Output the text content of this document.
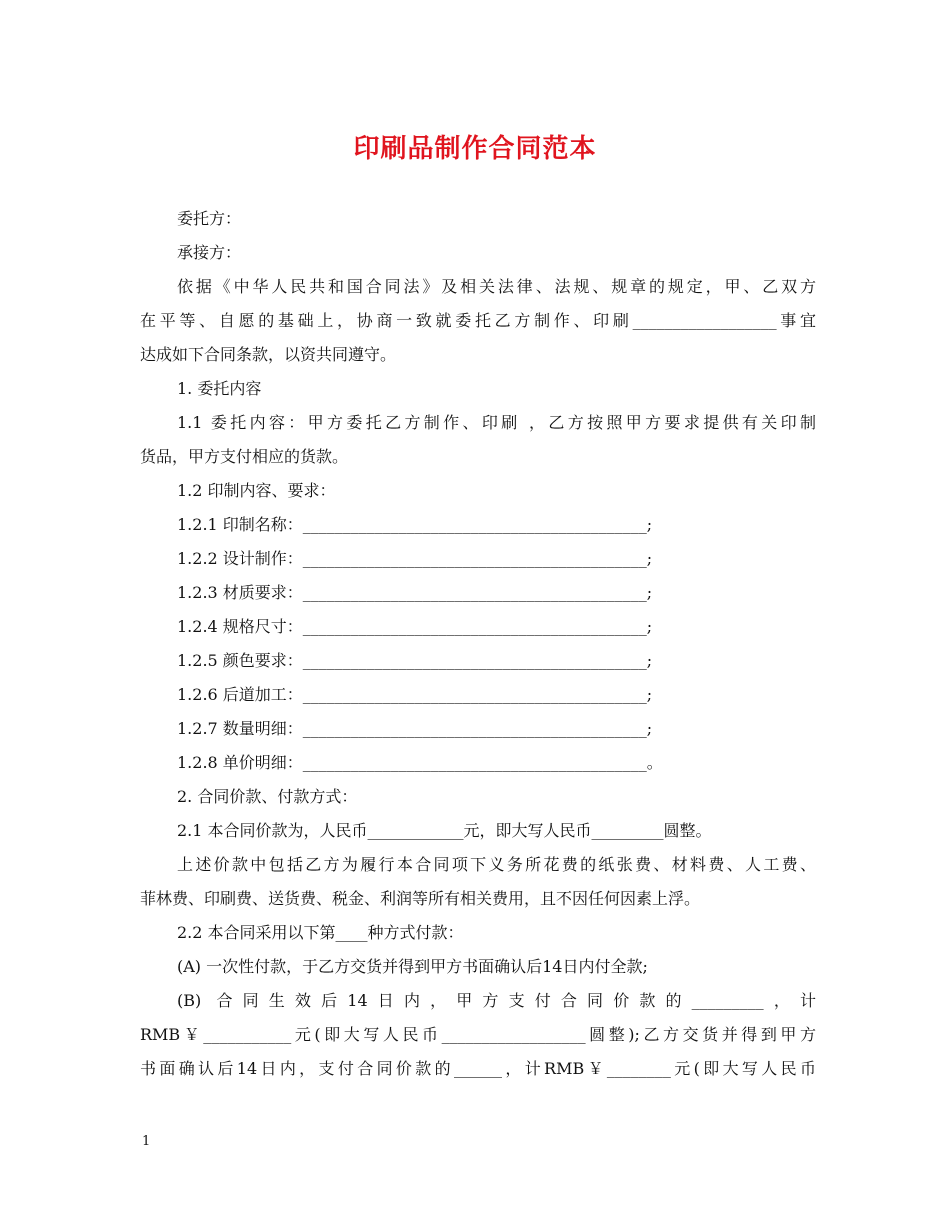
印刷品制作合同范本
委托方：
承接方：
依据《中华人民共和国合同法》及相关法律、法规、规章的规定，甲、乙双方
在平等、自愿的基础上，协商一致就委托乙方制作、印刷__________________事宜
达成如下合同条款，以资共同遵守。
1. 委托内容
1.1 委托内容：甲方委托乙方制作、印刷 ，乙方按照甲方要求提供有关印制
货品，甲方支付相应的货款。
1.2 印制内容、要求：
1.2.1 印制名称：___________________________________________;
1.2.2 设计制作：___________________________________________;
1.2.3 材质要求：___________________________________________;
1.2.4 规格尺寸：___________________________________________;
1.2.5 颜色要求：___________________________________________;
1.2.6 后道加工：___________________________________________;
1.2.7 数量明细：___________________________________________;
1.2.8 单价明细：___________________________________________。
2. 合同价款、付款方式：
2.1 本合同价款为，人民币____________元，即大写人民币_________圆整。
上述价款中包括乙方为履行本合同项下义务所花费的纸张费、材料费、人工费、
菲林费、印刷费、送货费、税金、利润等所有相关费用，且不因任何因素上浮。
2.2 本合同采用以下第____种方式付款：
(A) 一次性付款，于乙方交货并得到甲方书面确认后14日内付全款;
(B) 合同生效后14日内，甲方支付合同价款的_________，计
RMB￥___________元(即大写人民币__________________圆整);乙方交货并得到甲方
书面确认后14日内，支付合同价款的______，计RMB￥________元(即大写人民币
1
